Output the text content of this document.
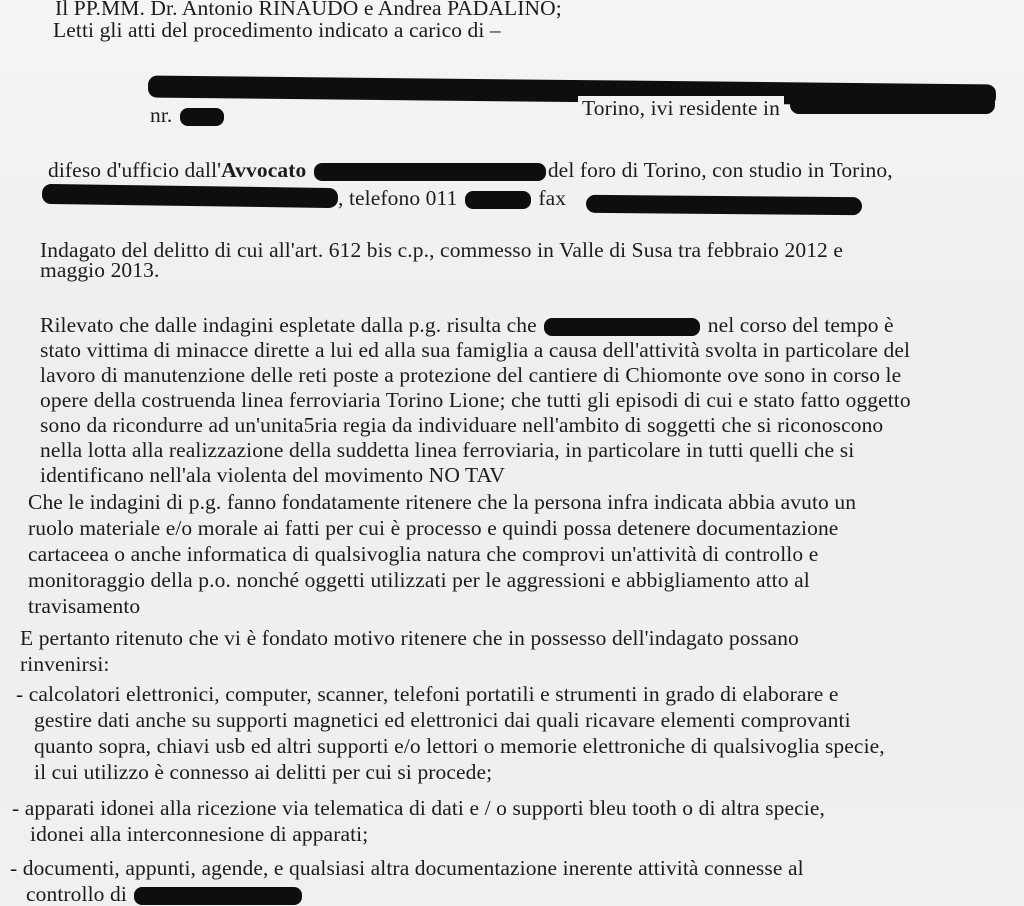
Il PP.MM. Dr. Antonio RINAUDO e Andrea PADALINO;
Letti gli atti del procedimento indicato a carico di –
nr.	Torino, ivi residente in
difeso d'ufficio dall'Avvocato	del foro di Torino, con studio in Torino,
, telefono 011	fax
Indagato del delitto di cui all'art. 612 bis c.p., commesso in Valle di Susa tra febbraio 2012 e
maggio 2013.
Rilevato che dalle indagini espletate dalla p.g. risulta che	nel corso del tempo è
stato vittima di minacce dirette a lui ed alla sua famiglia a causa dell'attività svolta in particolare del
lavoro di manutenzione delle reti poste a protezione del cantiere di Chiomonte ove sono in corso le
opere della costruenda linea ferroviaria Torino Lione; che tutti gli episodi di cui e stato fatto oggetto
sono da ricondurre ad un'unita5ria regia da individuare nell'ambito di soggetti che si riconoscono
nella lotta alla realizzazione della suddetta linea ferroviaria, in particolare in tutti quelli che si
identificano nell'ala violenta del movimento NO TAV
Che le indagini di p.g. fanno fondatamente ritenere che la persona infra indicata abbia avuto un
ruolo materiale e/o morale ai fatti per cui è processo e quindi possa detenere documentazione
cartaceea o anche informatica di qualsivoglia natura che comprovi un'attività di controllo e
monitoraggio della p.o. nonché oggetti utilizzati per le aggressioni e abbigliamento atto al
travisamento
E pertanto ritenuto che vi è fondato motivo ritenere che in possesso dell'indagato possano
rinvenirsi:
- calcolatori elettronici, computer, scanner, telefoni portatili e strumenti in grado di elaborare e
gestire dati anche su supporti magnetici ed elettronici dai quali ricavare elementi comprovanti
quanto sopra, chiavi usb ed altri supporti e/o lettori o memorie elettroniche di qualsivoglia specie,
il cui utilizzo è connesso ai delitti per cui si procede;
- apparati idonei alla ricezione via telematica di dati e / o supporti bleu tooth o di altra specie,
idonei alla interconnesione di apparati;
- documenti, appunti, agende, e qualsiasi altra documentazione inerente attività connesse al
controllo di
